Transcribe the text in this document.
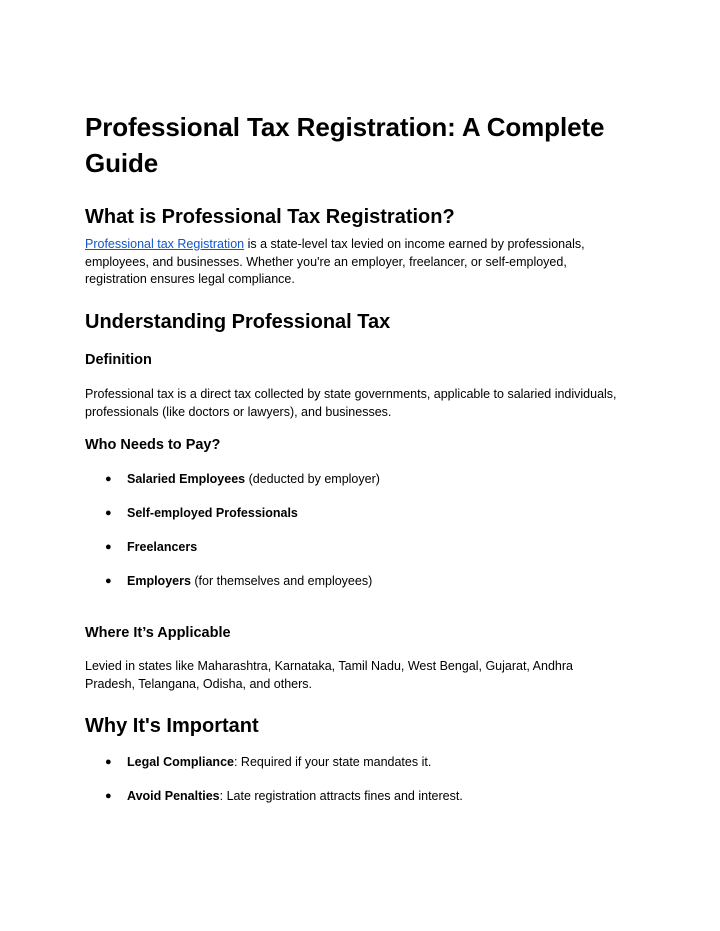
Professional Tax Registration: A Complete Guide
What is Professional Tax Registration?

Professional tax Registration is a state-level tax levied on income earned by professionals,
employees, and businesses. Whether you're an employer, freelancer, or self-employed,
registration ensures legal compliance.

Understanding Professional Tax
Definition

Professional tax is a direct tax collected by state governments, applicable to salaried individuals,
professionals (like doctors or lawyers), and businesses.

Who Needs to Pay?
● Salaried Employees (deducted by employer)
● Self-employed Professionals
● Freelancers
● Employers (for themselves and employees)
Where It’s Applicable

Levied in states like Maharashtra, Karnataka, Tamil Nadu, West Bengal, Gujarat, Andhra
Pradesh, Telangana, Odisha, and others.

Why It's Important
● Legal Compliance: Required if your state mandates it.
● Avoid Penalties: Late registration attracts fines and interest.
